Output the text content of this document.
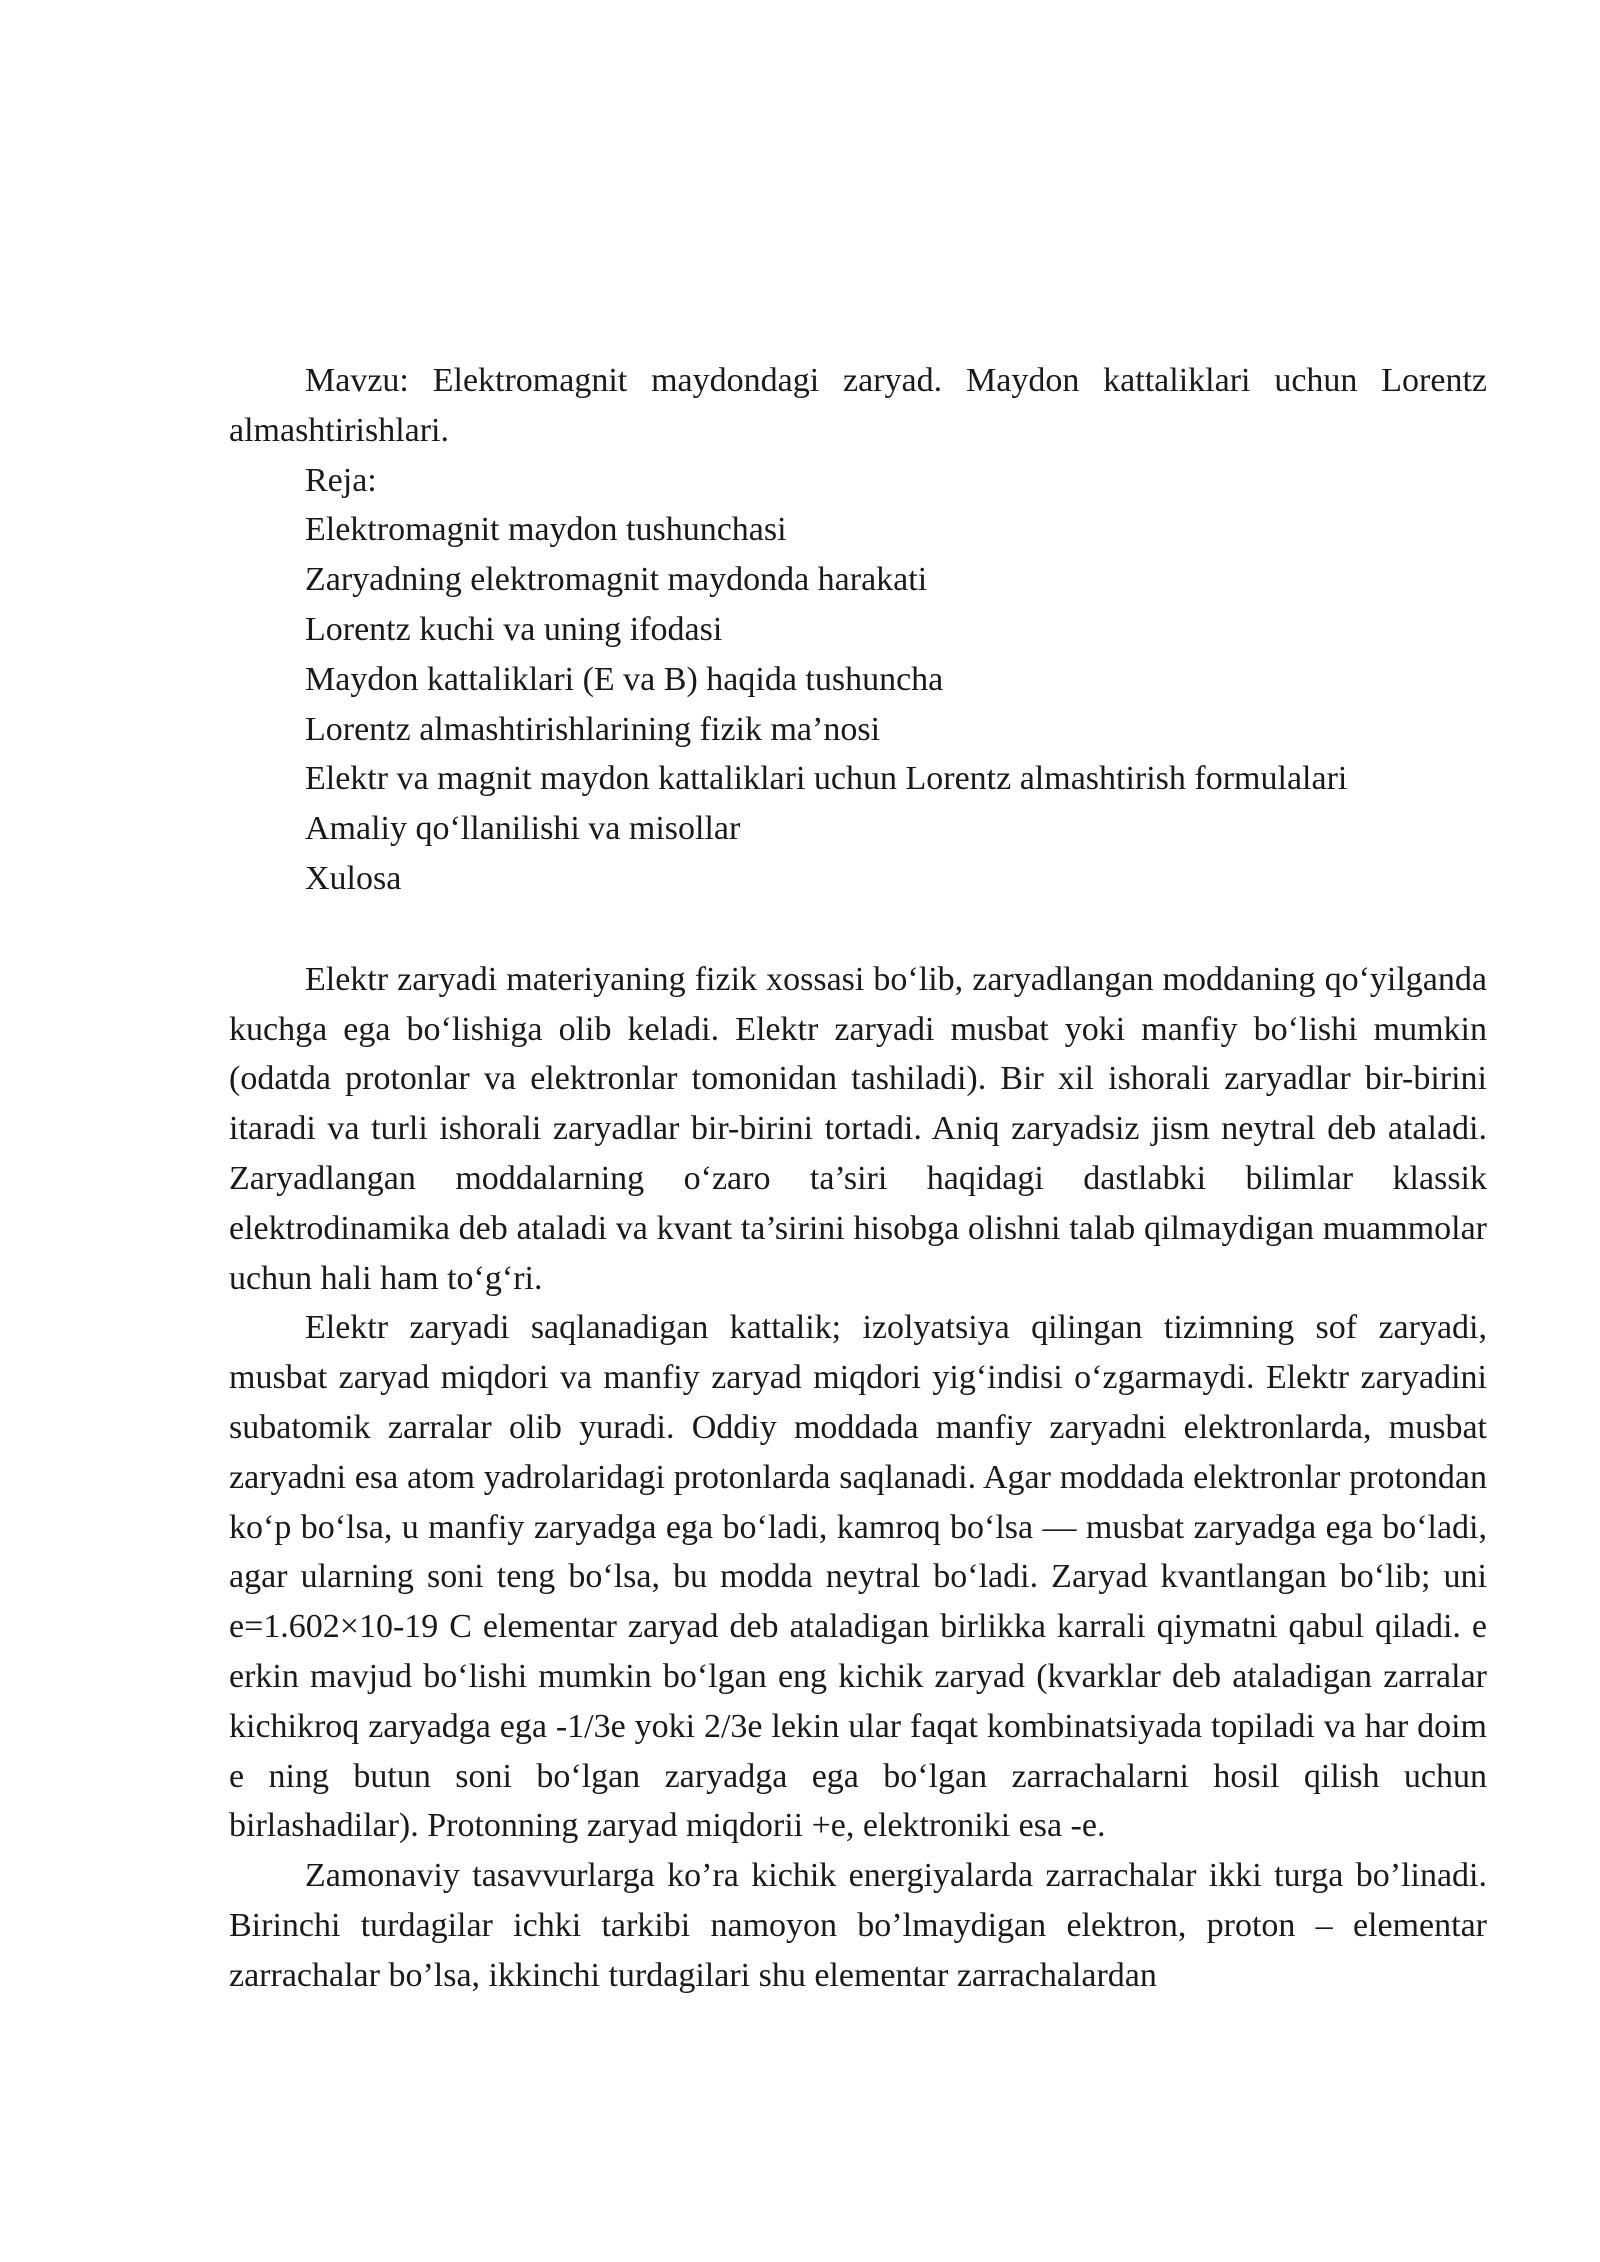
Mavzu: Elektromagnit maydondagi zaryad. Maydon kattaliklari uchun Lorentz almashtirishlari.

Reja:
Elektromagnit maydon tushunchasi
Zaryadning elektromagnit maydonda harakati
Lorentz kuchi va uning ifodasi
Maydon kattaliklari (E va B) haqida tushuncha
Lorentz almashtirishlarining fizik ma’nosi
Elektr va magnit maydon kattaliklari uchun Lorentz almashtirish formulalari
Amaliy qo‘llanilishi va misollar
Xulosa

Elektr zaryadi materiyaning fizik xossasi bo‘lib, zaryadlangan moddaning qo‘yilganda kuchga ega bo‘lishiga olib keladi. Elektr zaryadi musbat yoki manfiy bo‘lishi mumkin (odatda protonlar va elektronlar tomonidan tashiladi). Bir xil ishorali zaryadlar bir-birini itaradi va turli ishorali zaryadlar bir-birini tortadi. Aniq zaryadsiz jism neytral deb ataladi. Zaryadlangan moddalarning o‘zaro ta’siri haqidagi dastlabki bilimlar klassik elektrodinamika deb ataladi va kvant ta’sirini hisobga olishni talab qilmaydigan muammolar uchun hali ham to‘g‘ri.

Elektr zaryadi saqlanadigan kattalik; izolyatsiya qilingan tizimning sof zaryadi, musbat zaryad miqdori va manfiy zaryad miqdori yig‘indisi o‘zgarmaydi. Elektr zaryadini subatomik zarralar olib yuradi. Oddiy moddada manfiy zaryadni elektronlarda, musbat zaryadni esa atom yadrolaridagi protonlarda saqlanadi. Agar moddada elektronlar protondan ko‘p bo‘lsa, u manfiy zaryadga ega bo‘ladi, kamroq bo‘lsa — musbat zaryadga ega bo‘ladi, agar ularning soni teng bo‘lsa, bu modda neytral bo‘ladi. Zaryad kvantlangan bo‘lib; uni e=1.602×10-19 C elementar zaryad deb ataladigan birlikka karrali qiymatni qabul qiladi. e erkin mavjud bo‘lishi mumkin bo‘lgan eng kichik zaryad (kvarklar deb ataladigan zarralar kichikroq zaryadga ega -1/3e yoki 2/3e lekin ular faqat kombinatsiyada topiladi va har doim e ning butun soni bo‘lgan zaryadga ega bo‘lgan zarrachalarni hosil qilish uchun birlashadilar). Protonning zaryad miqdorii +e, elektroniki esa -e.

Zamonaviy tasavvurlarga ko’ra kichik energiyalarda zarrachalar ikki turga bo’linadi. Birinchi turdagilar ichki tarkibi namoyon bo’lmaydigan elektron, proton – elementar zarrachalar bo’lsa, ikkinchi turdagilari shu elementar zarrachalardan
